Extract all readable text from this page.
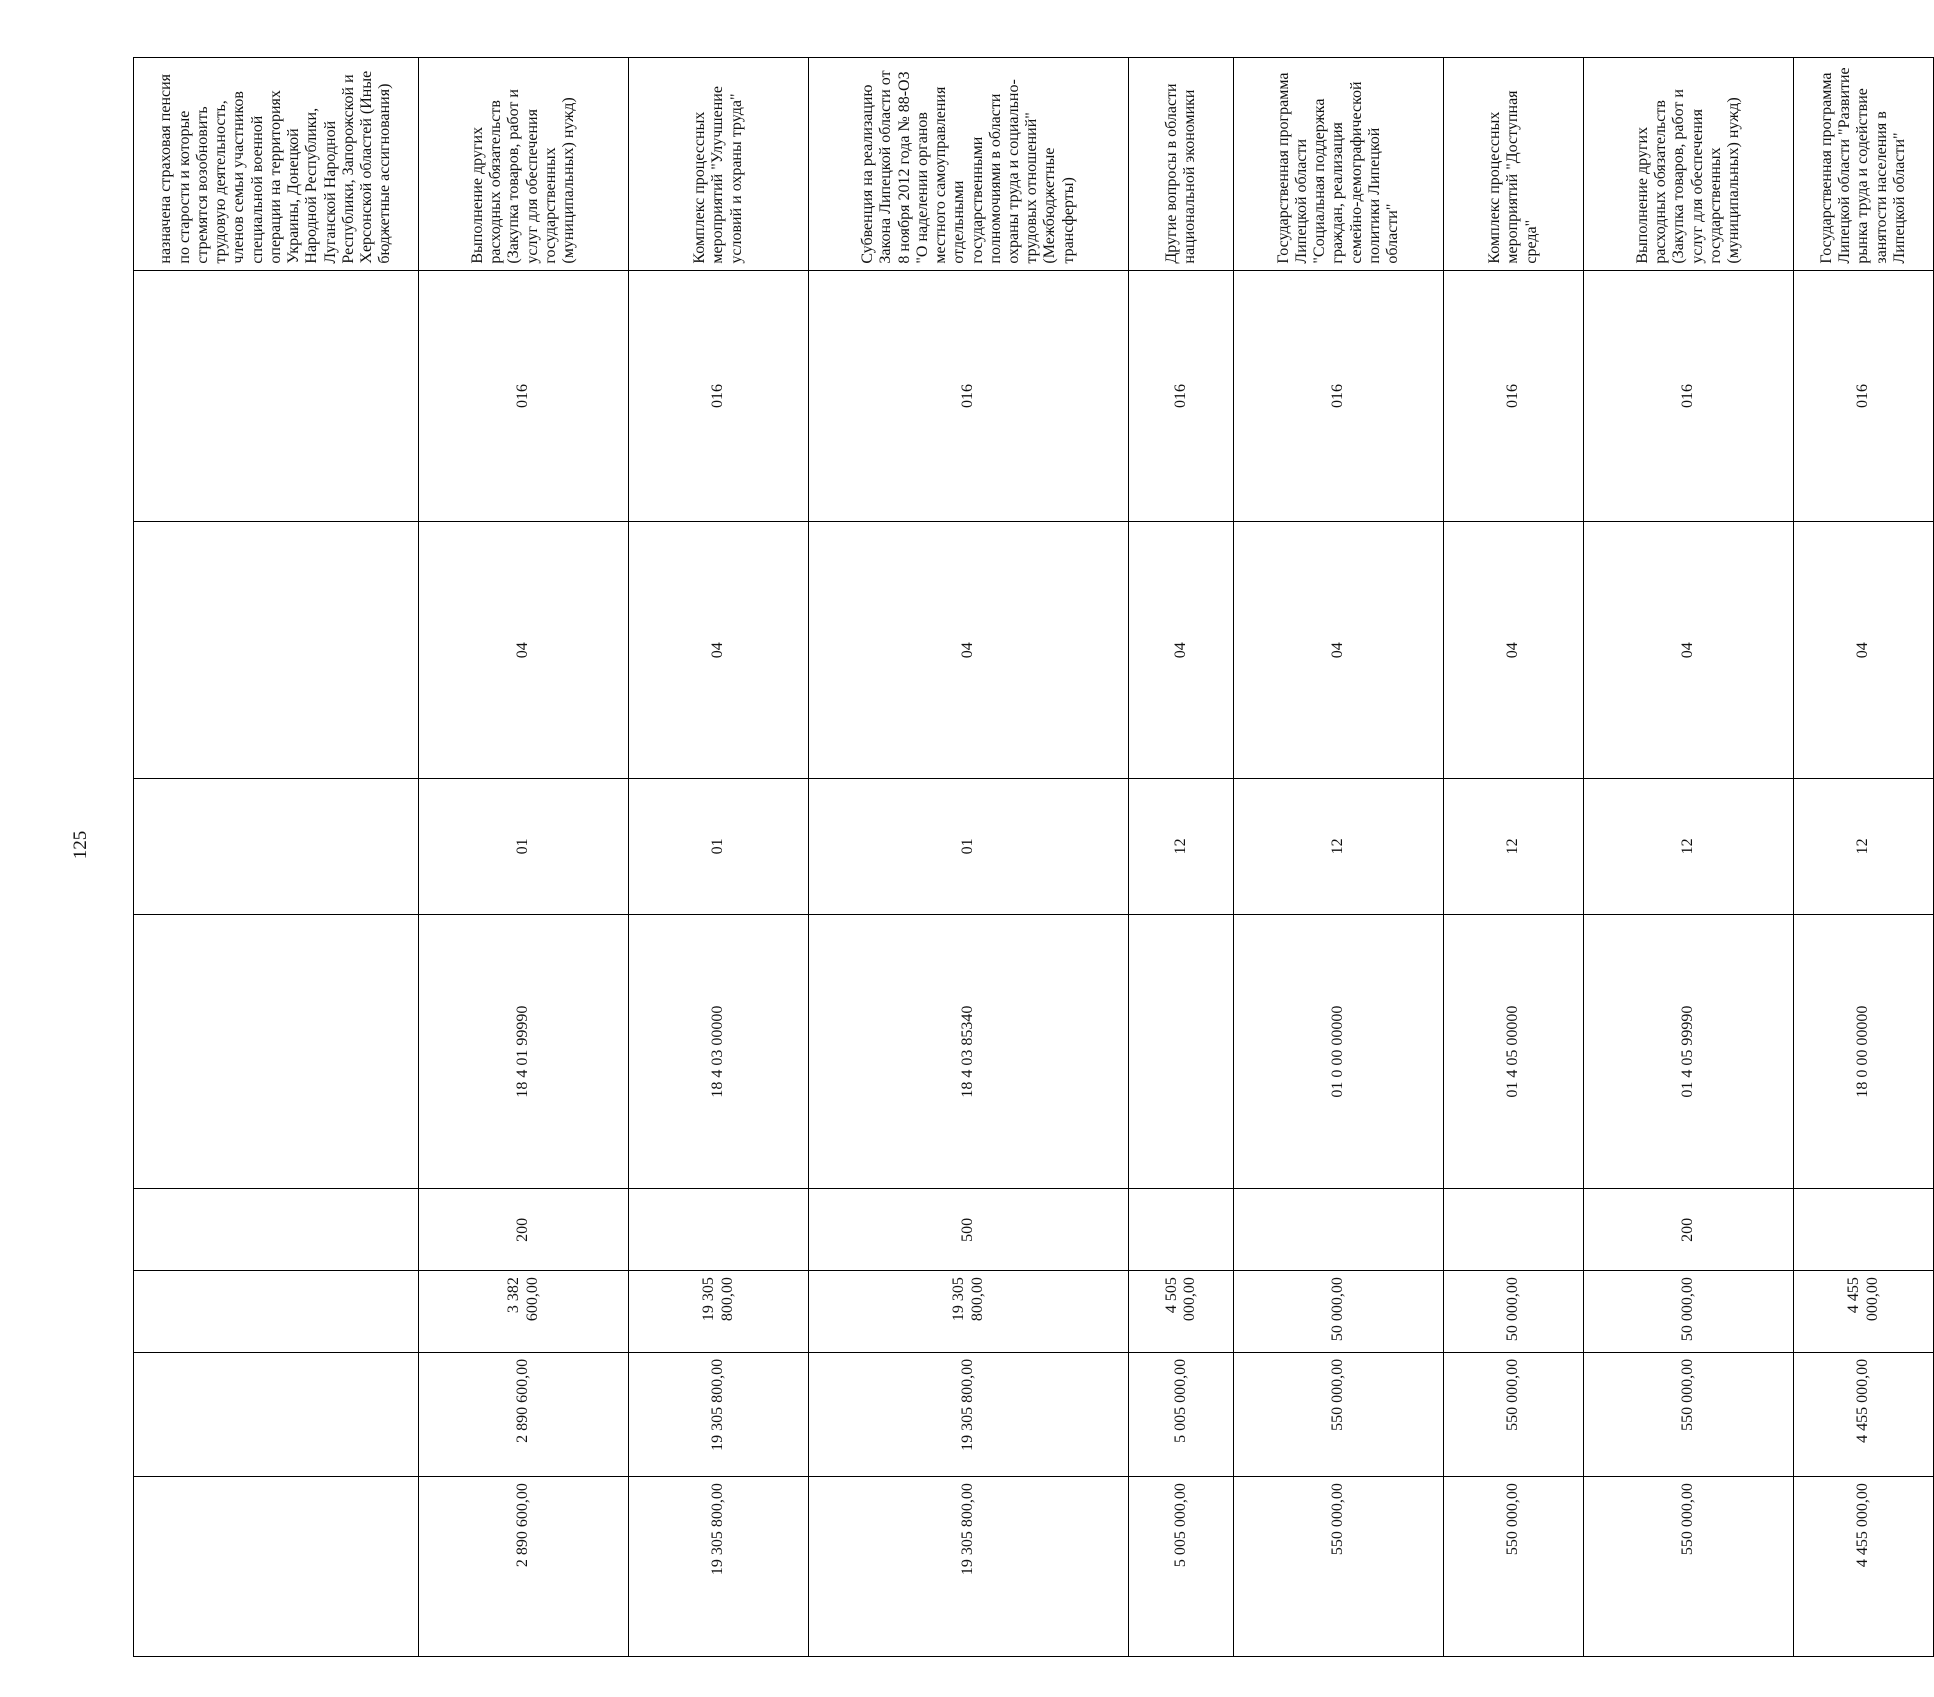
125
								назначена страховая пенсия по старости и которые стремятся возобновить трудовую деятельность, членов семьи участников специальной военной операции на территориях Украины, Донецкой Народной Республики, Луганской Народной Республики, Запорожской и Херсонской областей (Иные бюджетные ассигнования)
2 890 600,00	2 890 600,00	3 382 600,00	200	18 4 01 99990	01	04	016	Выполнение других расходных обязательств (Закупка товаров, работ и услуг для обеспечения государственных (муниципальных) нужд)
19 305 800,00	19 305 800,00	19 305 800,00		18 4 03 00000	01	04	016	Комплекс процессных мероприятий "Улучшение условий и охраны труда"
19 305 800,00	19 305 800,00	19 305 800,00	500	18 4 03 85340	01	04	016	Субвенция на реализацию Закона Липецкой области от 8 ноября 2012 года № 88-ОЗ "О наделении органов местного самоуправления отдельными государственными полномочиями в области охраны труда и социально-трудовых отношений" (Межбюджетные трансферты)
5 005 000,00	5 005 000,00	4 505 000,00			12	04	016	Другие вопросы в области национальной экономики
550 000,00	550 000,00	50 000,00		01 0 00 00000	12	04	016	Государственная программа Липецкой области "Социальная поддержка граждан, реализация семейно-демографической политики Липецкой области"
550 000,00	550 000,00	50 000,00		01 4 05 00000	12	04	016	Комплекс процессных мероприятий "Доступная среда"
550 000,00	550 000,00	50 000,00	200	01 4 05 99990	12	04	016	Выполнение других расходных обязательств (Закупка товаров, работ и услуг для обеспечения государственных (муниципальных) нужд)
4 455 000,00	4 455 000,00	4 455 000,00		18 0 00 00000	12	04	016	Государственная программа Липецкой области "Развитие рынка труда и содействие занятости населения в Липецкой области"
